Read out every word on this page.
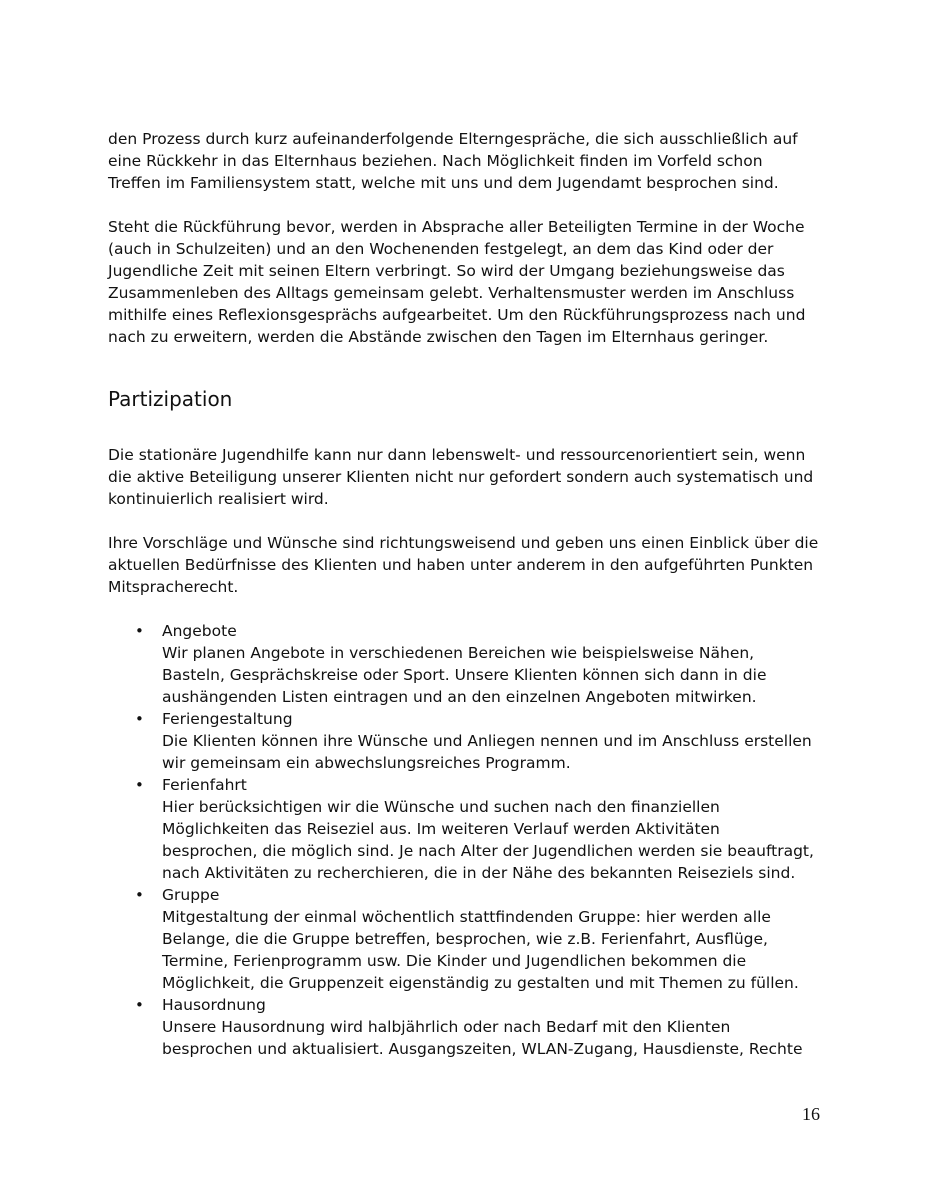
den Prozess durch kurz aufeinanderfolgende Elterngespräche, die sich ausschließlich auf eine Rückkehr in das Elternhaus beziehen. Nach Möglichkeit finden im Vorfeld schon Treffen im Familiensystem statt, welche mit uns und dem Jugendamt besprochen sind.

Steht die Rückführung bevor, werden in Absprache aller Beteiligten Termine in der Woche (auch in Schulzeiten) und an den Wochenenden festgelegt, an dem das Kind oder der Jugendliche Zeit mit seinen Eltern verbringt. So wird der Umgang beziehungsweise das Zusammenleben des Alltags gemeinsam gelebt. Verhaltensmuster werden im Anschluss mithilfe eines Reflexionsgesprächs aufgearbeitet. Um den Rückführungsprozess nach und nach zu erweitern, werden die Abstände zwischen den Tagen im Elternhaus geringer.

Partizipation

Die stationäre Jugendhilfe kann nur dann lebenswelt- und ressourcenorientiert sein, wenn die aktive Beteiligung unserer Klienten nicht nur gefordert sondern auch systematisch und kontinuierlich realisiert wird.

Ihre Vorschläge und Wünsche sind richtungsweisend und geben uns einen Einblick über die aktuellen Bedürfnisse des Klienten und haben unter anderem in den aufgeführten Punkten Mitspracherecht.

• Angebote
Wir planen Angebote in verschiedenen Bereichen wie beispielsweise Nähen, Basteln, Gesprächskreise oder Sport. Unsere Klienten können sich dann in die aushängenden Listen eintragen und an den einzelnen Angeboten mitwirken.
• Feriengestaltung
Die Klienten können ihre Wünsche und Anliegen nennen und im Anschluss erstellen wir gemeinsam ein abwechslungsreiches Programm.
• Ferienfahrt
Hier berücksichtigen wir die Wünsche und suchen nach den finanziellen Möglichkeiten das Reiseziel aus. Im weiteren Verlauf werden Aktivitäten besprochen, die möglich sind. Je nach Alter der Jugendlichen werden sie beauftragt, nach Aktivitäten zu recherchieren, die in der Nähe des bekannten Reiseziels sind.
• Gruppe
Mitgestaltung der einmal wöchentlich stattfindenden Gruppe: hier werden alle Belange, die die Gruppe betreffen, besprochen, wie z.B. Ferienfahrt, Ausflüge, Termine, Ferienprogramm usw. Die Kinder und Jugendlichen bekommen die Möglichkeit, die Gruppenzeit eigenständig zu gestalten und mit Themen zu füllen.
• Hausordnung
Unsere Hausordnung wird halbjährlich oder nach Bedarf mit den Klienten besprochen und aktualisiert. Ausgangszeiten, WLAN-Zugang, Hausdienste, Rechte
16
